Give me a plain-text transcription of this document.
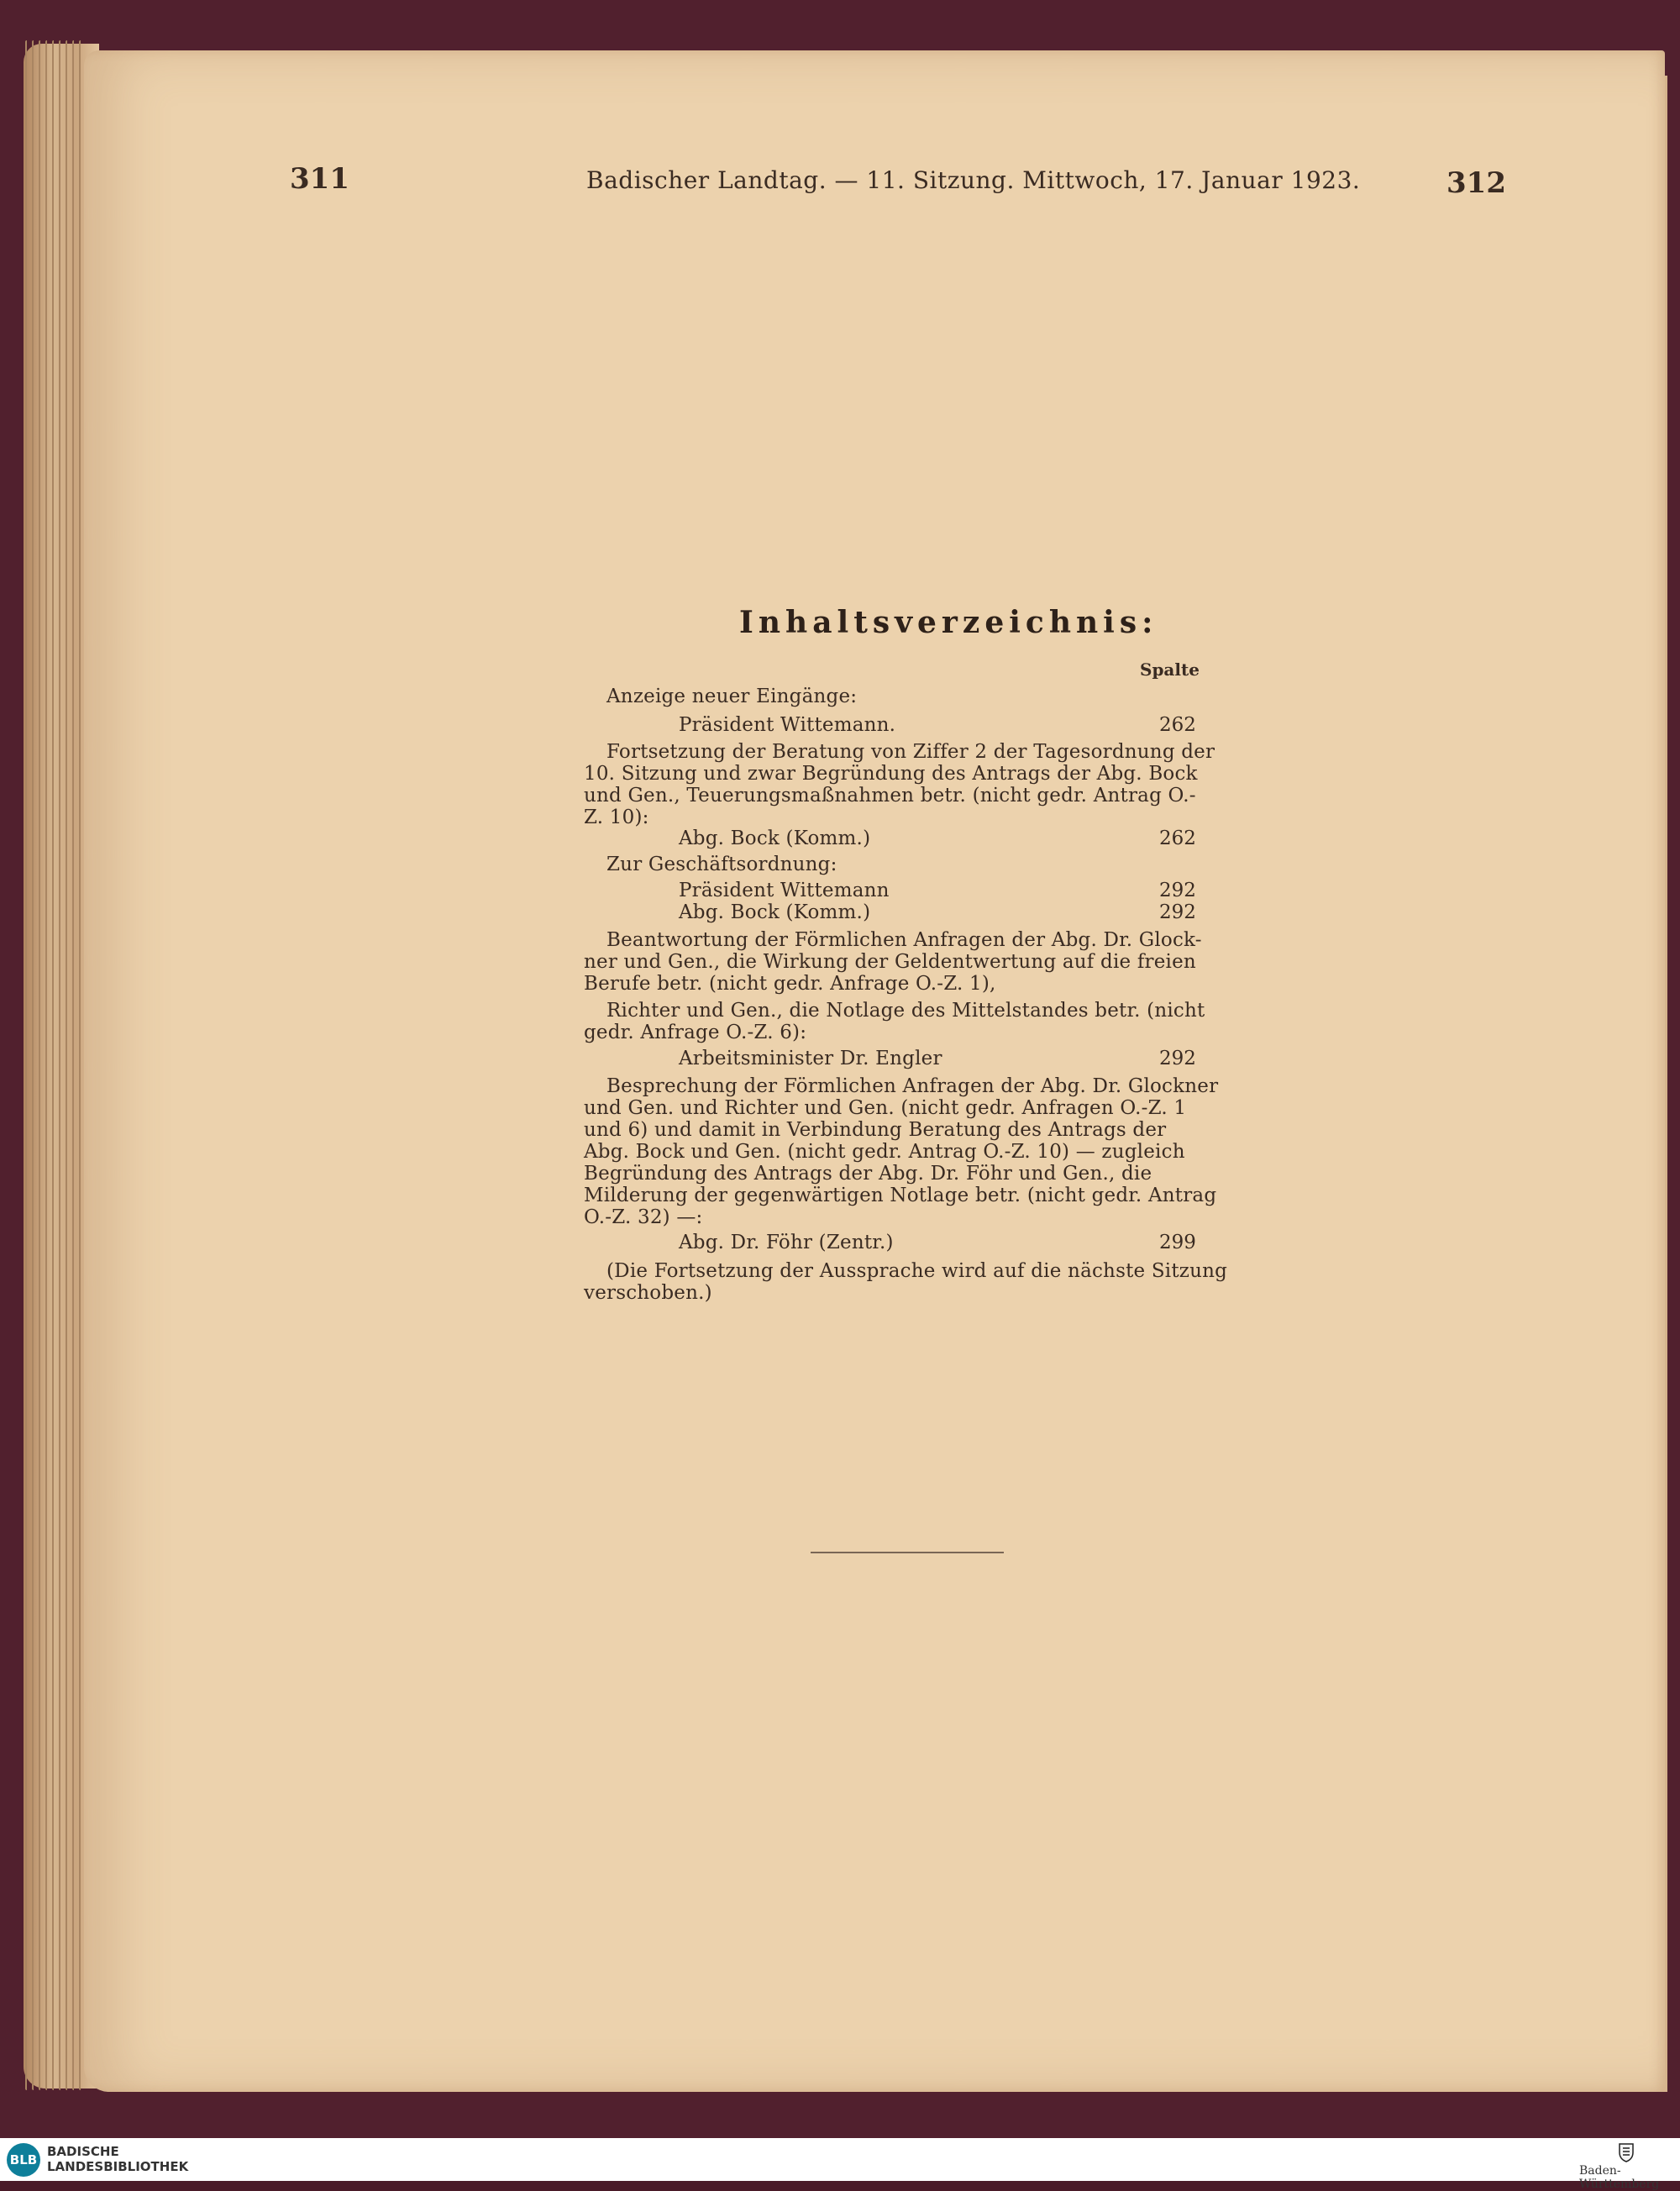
311	Badischer Landtag. — 11. Sitzung. Mittwoch, 17. Januar 1923.	312
Inhaltsverzeichnis:
Spalte
Anzeige neuer Eingänge:
Präsident Wittemann.	262
Fortsetzung der Beratung von Ziffer 2 der Tagesordnung der
10. Sitzung und zwar Begründung des Antrags der Abg. Bock
und Gen., Teuerungsmaßnahmen betr. (nicht gedr. Antrag O.-
Z. 10):
Abg. Bock (Komm.)	262
Zur Geschäftsordnung:
Präsident Wittemann	292
Abg. Bock (Komm.)	292
Beantwortung der Förmlichen Anfragen der Abg. Dr. Glock-
ner und Gen., die Wirkung der Geldentwertung auf die freien
Berufe betr. (nicht gedr. Anfrage O.-Z. 1),
Richter und Gen., die Notlage des Mittelstandes betr. (nicht
gedr. Anfrage O.-Z. 6):
Arbeitsminister Dr. Engler	292
Besprechung der Förmlichen Anfragen der Abg. Dr. Glockner
und Gen. und Richter und Gen. (nicht gedr. Anfragen O.-Z. 1
und 6) und damit in Verbindung Beratung des Antrags der
Abg. Bock und Gen. (nicht gedr. Antrag O.-Z. 10) — zugleich
Begründung des Antrags der Abg. Dr. Föhr und Gen., die
Milderung der gegenwärtigen Notlage betr. (nicht gedr. Antrag
O.-Z. 32) —:
Abg. Dr. Föhr (Zentr.)	299
(Die Fortsetzung der Aussprache wird auf die nächste Sitzung
verschoben.)
BLB
BADISCHE
LANDESBIBLIOTHEK	Baden-Württemberg
